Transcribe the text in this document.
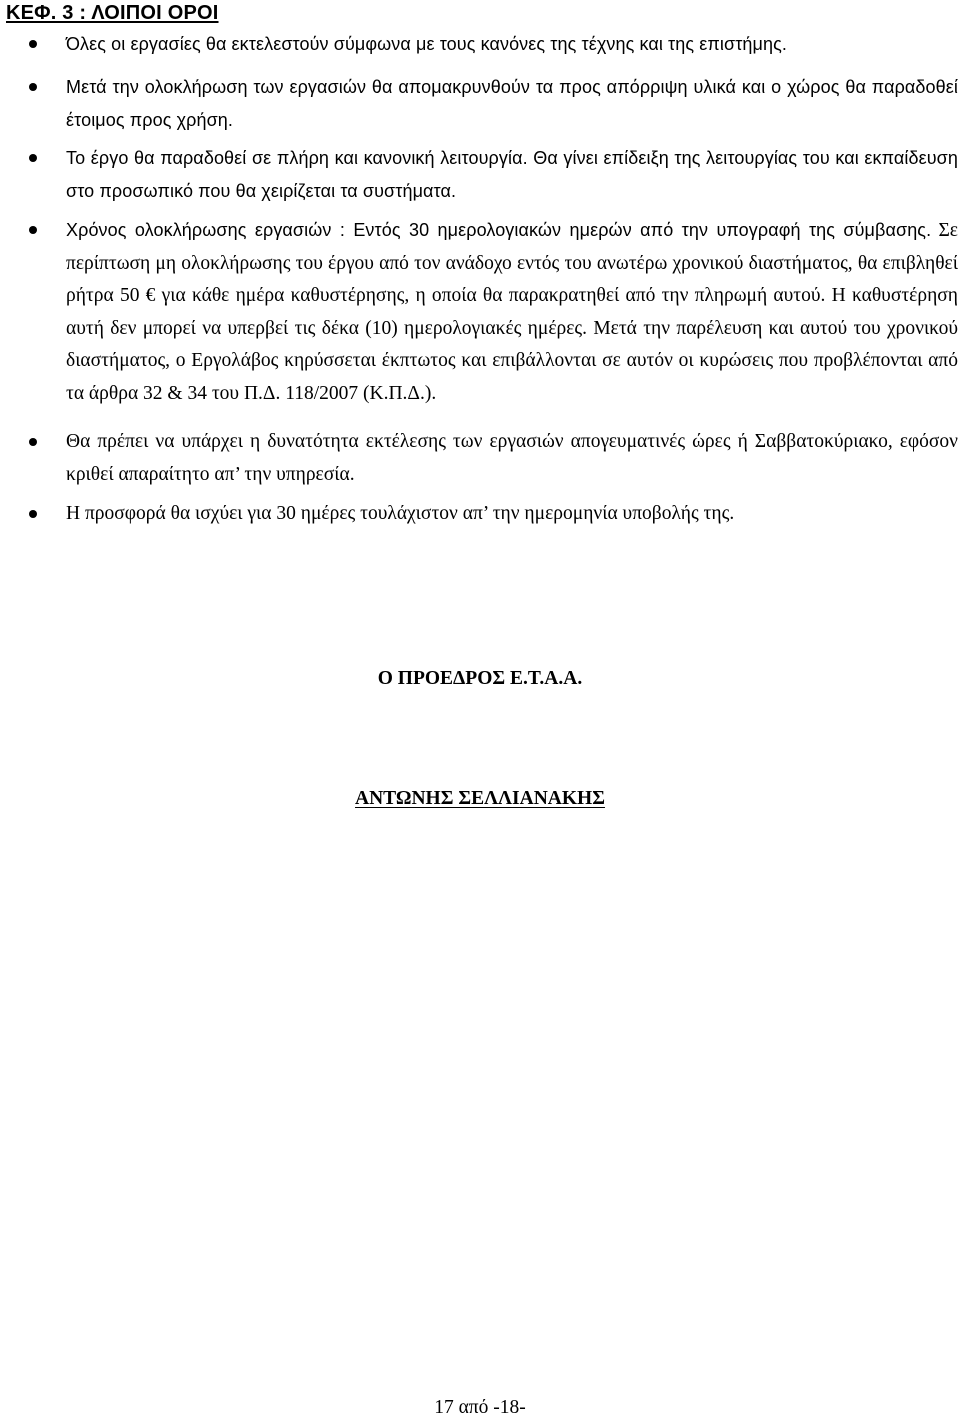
ΚΕΦ. 3 : ΛΟΙΠΟΙ ΟΡΟΙ
Όλες οι εργασίες θα εκτελεστούν σύμφωνα με τους κανόνες της τέχνης και της επιστήμης.
Μετά την ολοκλήρωση των εργασιών θα απομακρυνθούν τα προς απόρριψη υλικά και ο χώρος θα παραδοθεί έτοιμος προς χρήση.
Το έργο θα παραδοθεί σε πλήρη και κανονική λειτουργία. Θα γίνει επίδειξη της λειτουργίας του και εκπαίδευση στο προσωπικό που θα χειρίζεται τα συστήματα.
Χρόνος ολοκλήρωσης εργασιών : Εντός 30 ημερολογιακών ημερών από την υπογραφή της σύμβασης. Σε περίπτωση μη ολοκλήρωσης του έργου από τον ανάδοχο εντός του ανωτέρω χρονικού διαστήματος, θα επιβληθεί ρήτρα 50 € για κάθε ημέρα καθυστέρησης, η οποία θα παρακρατηθεί από την πληρωμή αυτού. Η καθυστέρηση αυτή δεν μπορεί να υπερβεί τις δέκα (10) ημερολογιακές ημέρες. Μετά την παρέλευση και αυτού του χρονικού διαστήματος, ο Εργολάβος κηρύσσεται έκπτωτος και επιβάλλονται σε αυτόν οι κυρώσεις που προβλέπονται από τα άρθρα 32 & 34 του Π.Δ. 118/2007 (Κ.Π.Δ.).
Θα πρέπει να υπάρχει η δυνατότητα εκτέλεσης των εργασιών απογευματινές ώρες ή Σαββατοκύριακο, εφόσον κριθεί απαραίτητο απ’ την υπηρεσία.
Η προσφορά θα ισχύει για 30 ημέρες τουλάχιστον απ’ την ημερομηνία υποβολής της.
Ο ΠΡΟΕΔΡΟΣ Ε.Τ.Α.Α.
ΑΝΤΩΝΗΣ ΣΕΛΛΙΑΝΑΚΗΣ
17 από -18-
